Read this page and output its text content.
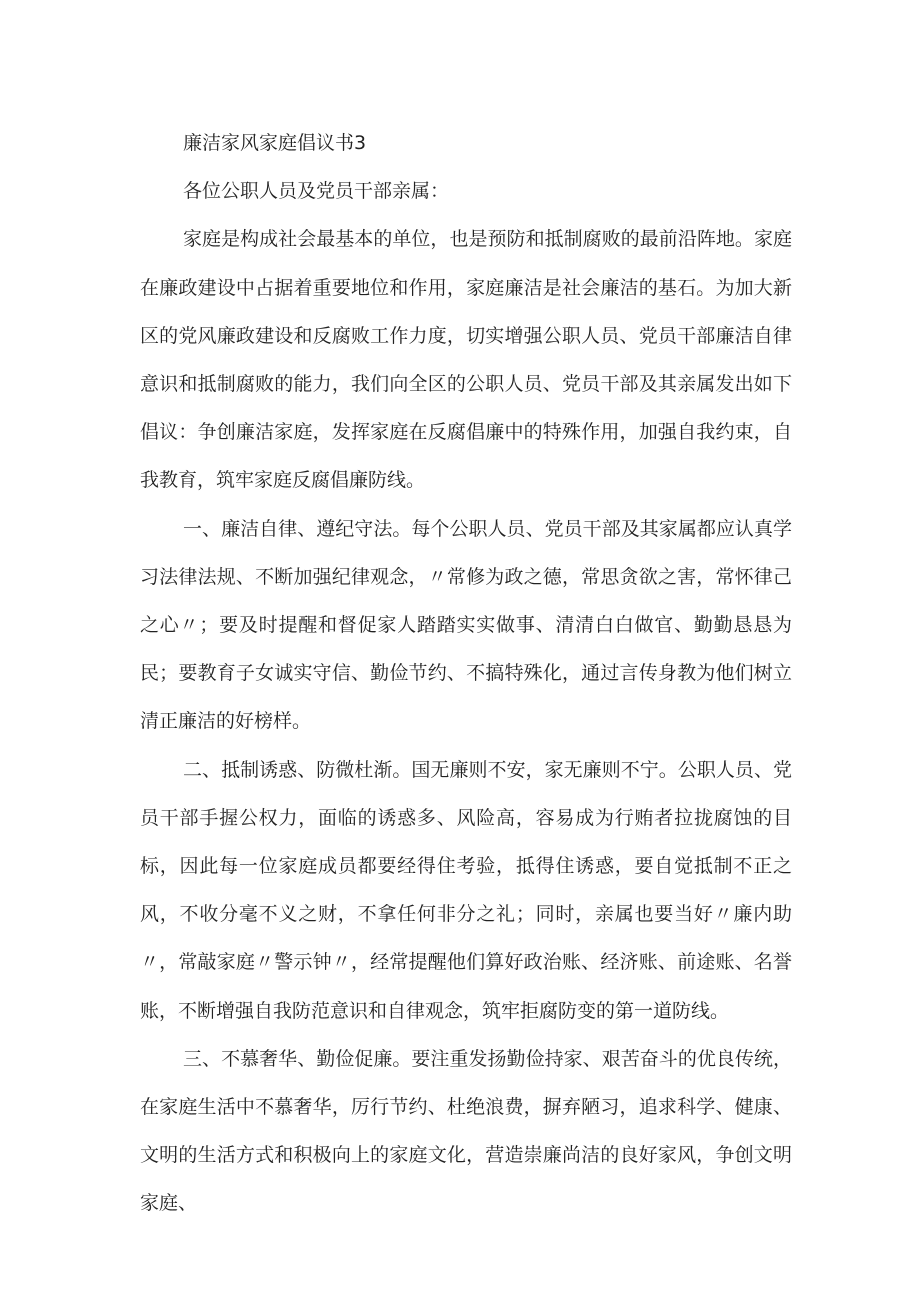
廉洁家风家庭倡议书3

各位公职人员及党员干部亲属：

家庭是构成社会最基本的单位，也是预防和抵制腐败的最前沿阵地。家庭在廉政建设中占据着重要地位和作用，家庭廉洁是社会廉洁的基石。为加大新区的党风廉政建设和反腐败工作力度，切实增强公职人员、党员干部廉洁自律意识和抵制腐败的能力，我们向全区的公职人员、党员干部及其亲属发出如下倡议：争创廉洁家庭，发挥家庭在反腐倡廉中的特殊作用，加强自我约束，自我教育，筑牢家庭反腐倡廉防线。

一、廉洁自律、遵纪守法。每个公职人员、党员干部及其家属都应认真学习法律法规、不断加强纪律观念，〃常修为政之德，常思贪欲之害，常怀律己之心〃；要及时提醒和督促家人踏踏实实做事、清清白白做官、勤勤恳恳为民；要教育子女诚实守信、勤俭节约、不搞特殊化，通过言传身教为他们树立清正廉洁的好榜样。

二、抵制诱惑、防微杜渐。国无廉则不安，家无廉则不宁。公职人员、党员干部手握公权力，面临的诱惑多、风险高，容易成为行贿者拉拢腐蚀的目标，因此每一位家庭成员都要经得住考验，抵得住诱惑，要自觉抵制不正之风，不收分毫不义之财，不拿任何非分之礼；同时，亲属也要当好〃廉内助〃，常敲家庭〃警示钟〃，经常提醒他们算好政治账、经济账、前途账、名誉账，不断增强自我防范意识和自律观念，筑牢拒腐防变的第一道防线。

三、不慕奢华、勤俭促廉。要注重发扬勤俭持家、艰苦奋斗的优良传统，在家庭生活中不慕奢华，厉行节约、杜绝浪费，摒弃陋习，追求科学、健康、文明的生活方式和积极向上的家庭文化，营造崇廉尚洁的良好家风，争创文明家庭、
